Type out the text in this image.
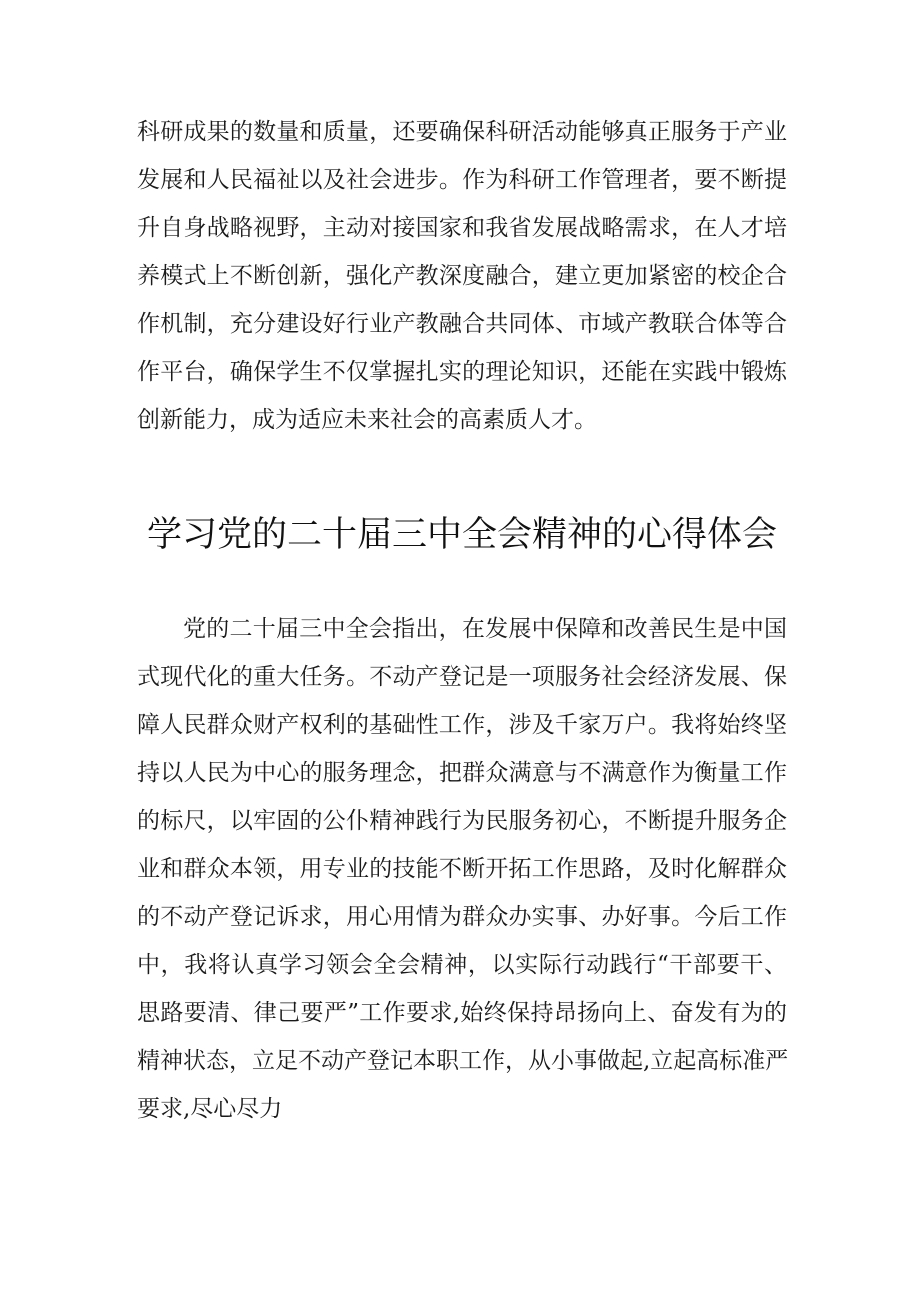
科研成果的数量和质量，还要确保科研活动能够真正服务于产业
发展和人民福祉以及社会进步。作为科研工作管理者，要不断提
升自身战略视野，主动对接国家和我省发展战略需求，在人才培
养模式上不断创新，强化产教深度融合，建立更加紧密的校企合
作机制，充分建设好行业产教融合共同体、市域产教联合体等合
作平台，确保学生不仅掌握扎实的理论知识，还能在实践中锻炼
创新能力，成为适应未来社会的高素质人才。
学习党的二十届三中全会精神的心得体会
党的二十届三中全会指出，在发展中保障和改善民生是中国
式现代化的重大任务。不动产登记是一项服务社会经济发展、保
障人民群众财产权利的基础性工作，涉及千家万户。我将始终坚
持以人民为中心的服务理念，把群众满意与不满意作为衡量工作
的标尺，以牢固的公仆精神践行为民服务初心，不断提升服务企
业和群众本领，用专业的技能不断开拓工作思路，及时化解群众
的不动产登记诉求，用心用情为群众办实事、办好事。今后工作
中，我将认真学习领会全会精神，以实际行动践行“干部要干、
思路要清、律己要严”工作要求,始终保持昂扬向上、奋发有为的
精神状态，立足不动产登记本职工作，从小事做起,立起高标准严
要求,尽心尽力
